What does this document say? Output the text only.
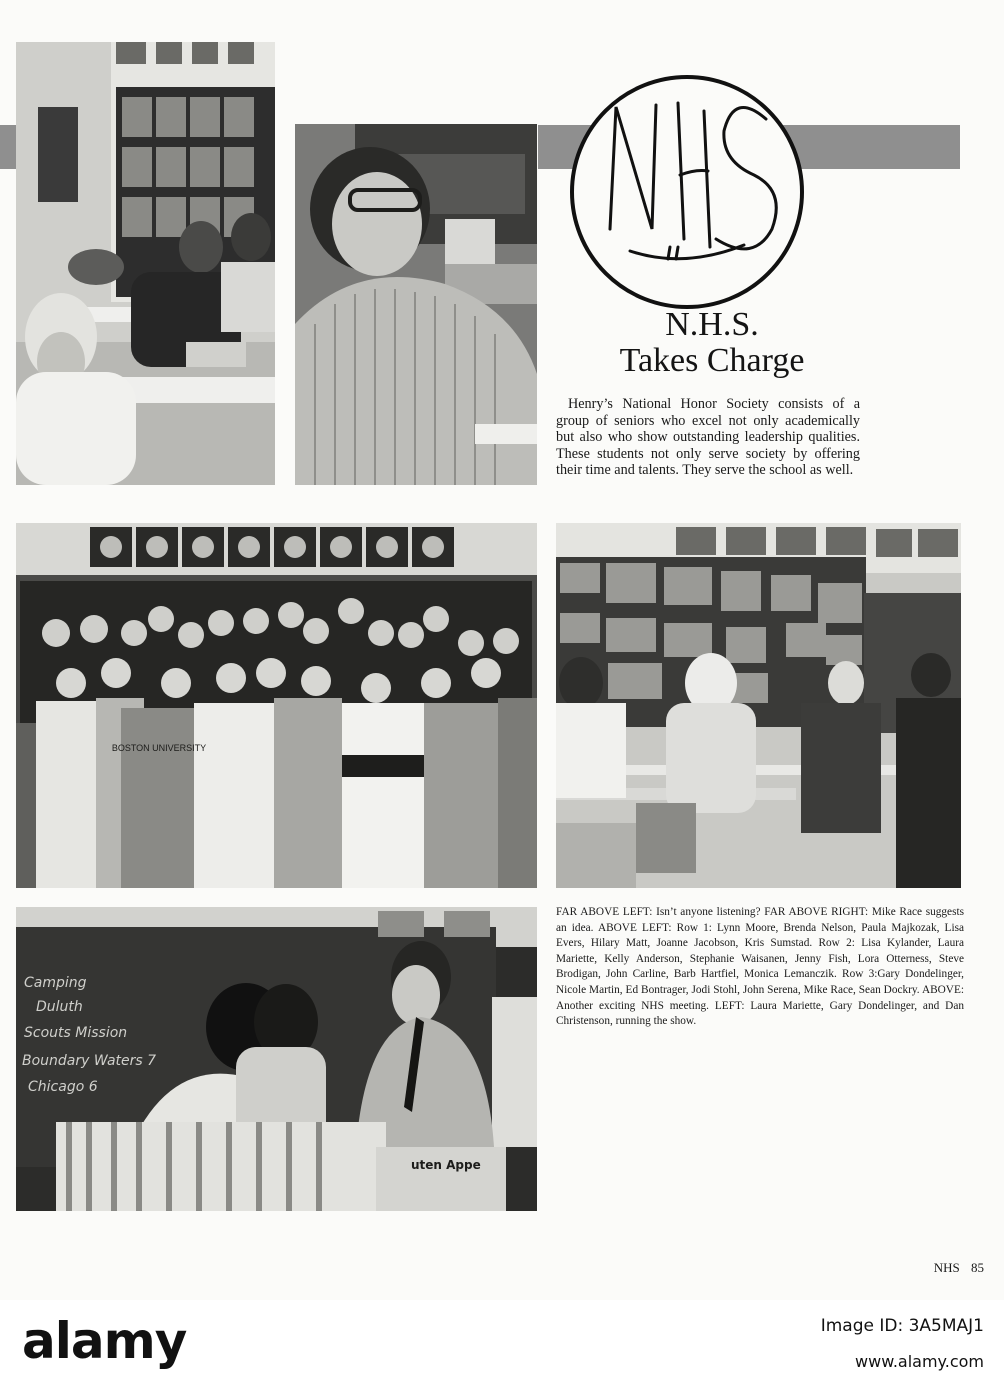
N.H.S.
Takes Charge

Henry’s National Honor Society consists of a group of seniors who excel not only academically but also who show outstanding leadership qualities. These students not only serve society by offering their time and talents. They serve the school as well.

BOSTON UNIVERSITY

FAR ABOVE LEFT: Isn’t anyone listening? FAR ABOVE RIGHT: Mike Race suggests an idea. ABOVE LEFT: Row 1: Lynn Moore, Brenda Nelson, Paula Majkozak, Lisa Evers, Hilary Matt, Joanne Jacobson, Kris Sumstad. Row 2: Lisa Kylander, Laura Mariette, Kelly Anderson, Stephanie Waisanen, Jenny Fish, Lora Otterness, Steve Brodigan, John Carline, Barb Hartfiel, Monica Lemanczik. Row 3:Gary Dondelinger, Nicole Martin, Ed Bontrager, Jodi Stohl, John Serena, Mike Race, Sean Dockry. ABOVE: Another exciting NHS meeting. LEFT: Laura Mariette, Gary Dondelinger, and Dan Christenson, running the show.

Camping
Duluth
Scouts Mission
Boundary Waters 7
Chicago 6
uten Appe
NHS 85
alamy	Image ID: 3A5MAJ1
www.alamy.com
